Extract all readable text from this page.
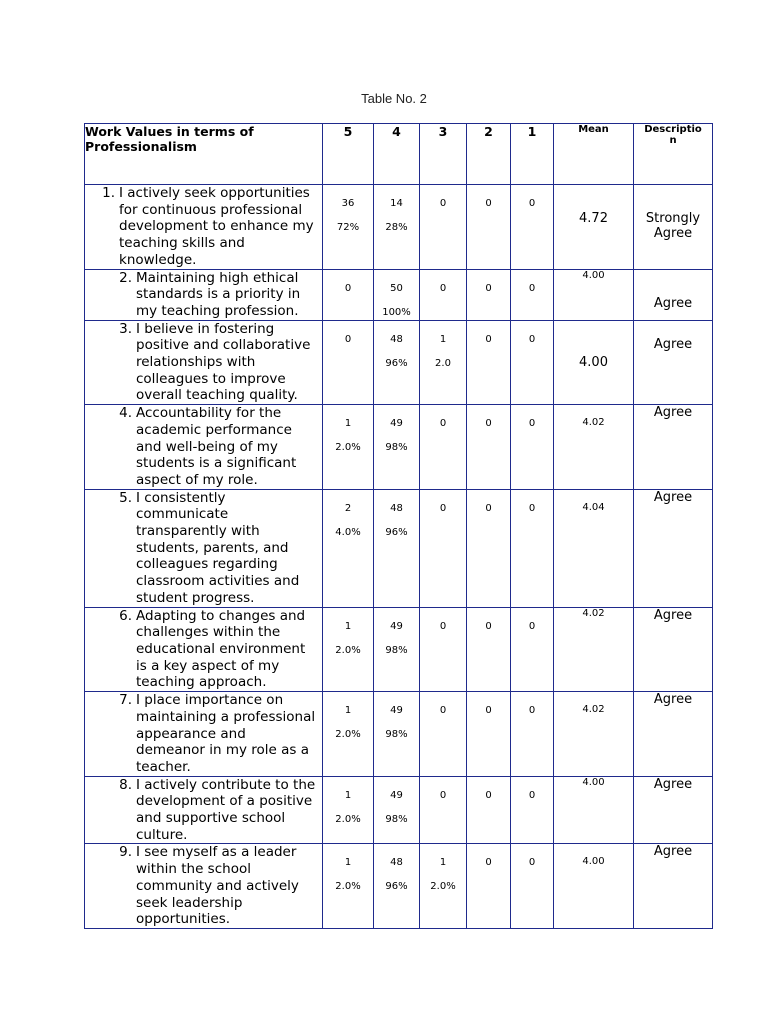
Table No. 2
Work Values in terms of Professionalism	5	4	3	2	1	Mean	Descriptio
n

1. I actively seek opportunities for continuous professional development to enhance my teaching skills and knowledge.	36
72%	14
28%	0	0	0	4.72	Strongly Agree

2. Maintaining high ethical standards is a priority in my teaching profession.	0	50
100%	0	0	0	4.00	Agree

3. I believe in fostering positive and collaborative relationships with colleagues to improve overall teaching quality.	0	48
96%	1
2.0	0	0	4.00	Agree

4. Accountability for the academic performance and well-being of my students is a significant aspect of my role.	1
2.0%	49
98%	0	0	0	4.02	Agree

5. I consistently communicate transparently with students, parents, and colleagues regarding classroom activities and student progress.	2
4.0%	48
96%	0	0	0	4.04	Agree

6. Adapting to changes and challenges within the educational environment is a key aspect of my teaching approach.	1
2.0%	49
98%	0	0	0	4.02	Agree

7. I place importance on maintaining a professional appearance and demeanor in my role as a teacher.	1
2.0%	49
98%	0	0	0	4.02	Agree

8. I actively contribute to the development of a positive and supportive school culture.	1
2.0%	49
98%	0	0	0	4.00	Agree

9. I see myself as a leader within the school community and actively seek leadership opportunities.	1
2.0%	48
96%	1
2.0%	0	0	4.00	Agree
